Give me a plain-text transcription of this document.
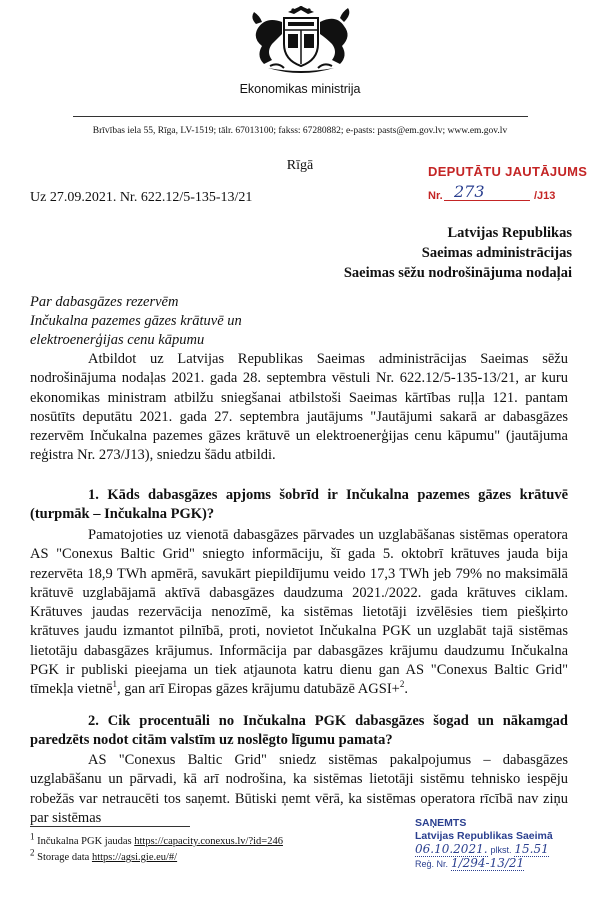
Ekonomikas ministrija
Brīvības iela 55, Rīga, LV-1519; tālr. 67013100; fakss: 67280882; e-pasts: pasts@em.gov.lv; www.em.gov.lv
Rīgā
Uz 27.09.2021. Nr. 622.12/5-135-13/21
DEPUTĀTU JAUTĀJUMS
Nr. 273	/J13
Latvijas Republikas
Saeimas administrācijas
Saeimas sēžu nodrošinājuma nodaļai
Par dabasgāzes rezervēm
Inčukalna pazemes gāzes krātuvē un
elektroenerģijas cenu kāpumu

Atbildot uz Latvijas Republikas Saeimas administrācijas Saeimas sēžu nodrošinājuma nodaļas 2021. gada 28. septembra vēstuli Nr. 622.12/5-135-13/21, ar kuru ekonomikas ministram atbilžu sniegšanai atbilstoši Saeimas kārtības ruļļa 121. pantam nosūtīts deputātu 2021. gada 27. septembra jautājums "Jautājumi sakarā ar dabasgāzes rezervēm Inčukalna pazemes gāzes krātuvē un elektroenerģijas cenu kāpumu" (jautājuma reģistra Nr. 273/J13), sniedzu šādu atbildi.

1. Kāds dabasgāzes apjoms šobrīd ir Inčukalna pazemes gāzes krātuvē (turpmāk – Inčukalna PGK)?

Pamatojoties uz vienotā dabasgāzes pārvades un uzglabāšanas sistēmas operatora AS "Conexus Baltic Grid" sniegto informāciju, šī gada 5. oktobrī krātuves jauda bija rezervēta 18,9 TWh apmērā, savukārt piepildījumu veido 17,3 TWh jeb 79% no maksimālā krātuvē uzglabājamā aktīvā dabasgāzes daudzuma 2021./2022. gada krātuves ciklam. Krātuves jaudas rezervācija nenozīmē, ka sistēmas lietotāji izvēlēsies tiem piešķirto krātuves jaudu izmantot pilnībā, proti, novietot Inčukalna PGK un uzglabāt tajā sistēmas lietotāju dabasgāzes krājumus. Informācija par dabasgāzes krājumu daudzumu Inčukalna PGK ir publiski pieejama un tiek atjaunota katru dienu gan AS "Conexus Baltic Grid" tīmekļa vietnē$^1$, gan arī Eiropas gāzes krājumu datubāzē AGSI+$^2$.

2. Cik procentuāli no Inčukalna PGK dabasgāzes šogad un nākamgad paredzēts nodot citām valstīm uz noslēgto līgumu pamata?

AS "Conexus Baltic Grid" sniedz sistēmas pakalpojumus – dabasgāzes uzglabāšanu un pārvadi, kā arī nodrošina, ka sistēmas lietotāji sistēmu tehnisko iespēju robežās var netraucēti tos saņemt. Būtiski ņemt vērā, ka sistēmas operatora rīcībā nav ziņu par sistēmas

$^1$ Inčukalna PGK jaudas https://capacity.conexus.lv/?id=246
$^2$ Storage data https://agsi.gie.eu/#/
SAŅEMTS
Latvijas Republikas Saeimā
06.10.2021. plkst. 15.51
Reģ. Nr. 1/294-13/21
